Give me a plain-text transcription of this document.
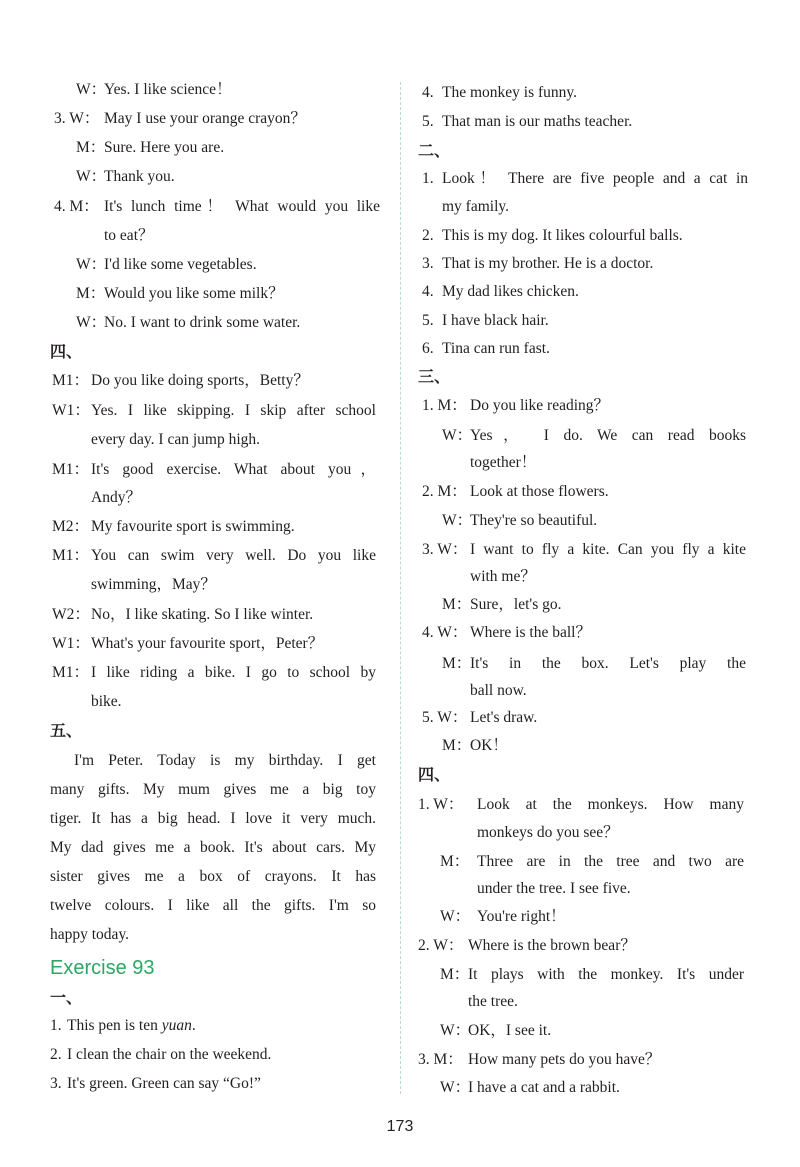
W：
Yes. I like science！
3. W： May I use your orange crayon？
M：
Sure. Here you are.
W：
Thank you.
4. M： It's lunch time！ What would you like
to eat？
W：
I'd like some vegetables.
M：
Would you like some milk？
W：
No. I want to drink some water.
四、
M1： Do you like doing sports，Betty？
W1： Yes. I like skipping. I skip after school
every day. I can jump high.
M1： It's good exercise. What about you，
Andy？
M2： My favourite sport is swimming.
M1： You can swim very well. Do you like
swimming，May？
W2： No，I like skating. So I like winter.
W1： What's your favourite sport，Peter？
M1： I like riding a bike. I go to school by
bike.
五、
I'm Peter. Today is my birthday. I get
many gifts. My mum gives me a big toy
tiger. It has a big head. I love it very much.
My dad gives me a book. It's about cars. My
sister gives me a box of crayons. It has
twelve colours. I like all the gifts. I'm so
happy today.
Exercise 93
一、
1. This pen is ten yuan.
2. I clean the chair on the weekend.
3. It's green. Green can say “Go!”
4. The monkey is funny.
5. That man is our maths teacher.
二、
1. Look！ There are five people and a cat in
my family.
2. This is my dog. It likes colourful balls.
3. That is my brother. He is a doctor.
4. My dad likes chicken.
5. I have black hair.
6. Tina can run fast.
三、
1. M： Do you like reading？
W：
Yes， I do. We can read books
together！
2. M： Look at those flowers.
W：
They're so beautiful.
3. W： I want to fly a kite. Can you fly a kite
with me？
M：
Sure，let's go.
4. W： Where is the ball？
M：
It's in the box. Let's play the
ball now.
5. W： Let's draw.
M：
OK！
四、
1. W： Look at the monkeys. How many
monkeys do you see？
M： Three are in the tree and two are
under the tree. I see five.
W： You're right！
2. W： Where is the brown bear？
M：
It plays with the monkey. It's under
the tree.
W：
OK，I see it.
3. M： How many pets do you have？
W：
I have a cat and a rabbit.
173
